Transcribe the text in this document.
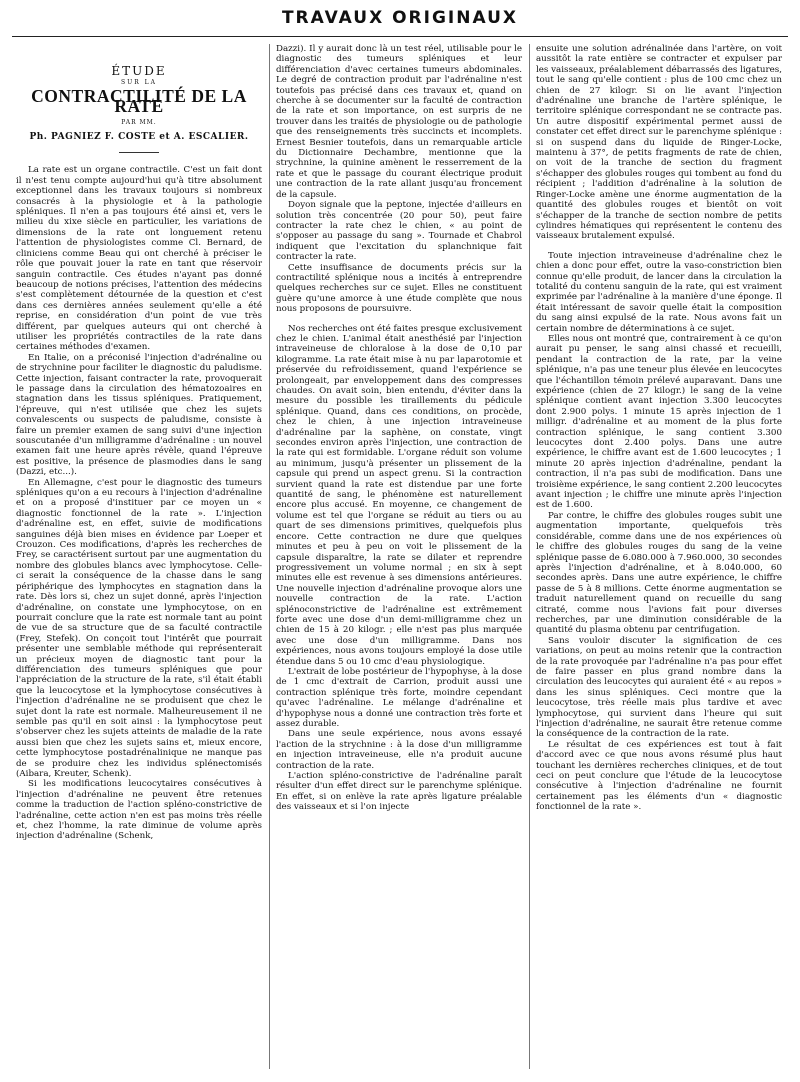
TRAVAUX ORIGINAUX
ÉTUDE
SUR LA
CONTRACTILITÉ DE LA RATE
PAR MM.
Ph. PAGNIEZ F. COSTE et A. ESCALIER.

La rate est un organe contractile. C'est un fait dont il n'est tenu compte aujourd'hui qu'à titre absolument exceptionnel dans les travaux toujours si nombreux consacrés à la physiologie et à la pathologie spléniques. Il n'en a pas toujours été ainsi et, vers le milieu du xixe siècle en particulier, les variations de dimensions de la rate ont longuement retenu l'attention de physiologistes comme Cl. Bernard, de cliniciens comme Beau qui ont cherché à préciser le rôle que pouvait jouer la rate en tant que réservoir sanguin contractile. Ces études n'ayant pas donné beaucoup de notions précises, l'attention des médecins s'est complètement détournée de la question et c'est dans ces dernières années seulement qu'elle a été reprise, en considération d'un point de vue très différent, par quelques auteurs qui ont cherché à utiliser les propriétés contractiles de la rate dans certaines méthodes d'examen.

En Italie, on a préconisé l'injection d'adrénaline ou de strychnine pour faciliter le diagnostic du paludisme. Cette injection, faisant contracter la rate, provoquerait le passage dans la circulation des hématozoaires en stagnation dans les tissus spléniques. Pratiquement, l'épreuve, qui n'est utilisée que chez les sujets convalescents ou suspects de paludisme, consiste à faire un premier examen de sang suivi d'une injection souscutanée d'un milligramme d'adrénaline : un nouvel examen fait une heure après révèle, quand l'épreuve est positive, la présence de plasmodies dans le sang (Dazzi, etc...).

En Allemagne, c'est pour le diagnostic des tumeurs spléniques qu'on a eu recours à l'injection d'adrénaline et on a proposé d'instituer par ce moyen un « diagnostic fonctionnel de la rate ». L'injection d'adrénaline est, en effet, suivie de modifications sanguines déjà bien mises en évidence par Loeper et Crouzon. Ces modifications, d'après les recherches de Frey, se caractérisent surtout par une augmentation du nombre des globules blancs avec lymphocytose. Celle-ci serait la conséquence de la chasse dans le sang périphérique des lymphocytes en stagnation dans la rate. Dès lors si, chez un sujet donné, après l'injection d'adrénaline, on constate une lymphocytose, on en pourrait conclure que la rate est normale tant au point de vue de sa structure que de sa faculté contractile (Frey, Stefek). On conçoit tout l'intérêt que pourrait présenter une semblable méthode qui représenterait un précieux moyen de diagnostic tant pour la différenciation des tumeurs spléniques que pour l'appréciation de la structure de la rate, s'il était établi que la leucocytose et la lymphocytose consécutives à l'injection d'adrénaline ne se produisent que chez le sujet dont la rate est normale. Malheureusement il ne semble pas qu'il en soit ainsi : la lymphocytose peut s'observer chez les sujets atteints de maladie de la rate aussi bien que chez les sujets sains et, mieux encore, cette lymphocytose postadrénalinique ne manque pas de se produire chez les individus splénectomisés (Aibara, Kreuter, Schenk).

Si les modifications leucocytaires consécutives à l'injection d'adrénaline ne peuvent être retenues comme la traduction de l'action spléno-constrictive de l'adrénaline, cette action n'en est pas moins très réelle et, chez l'homme, la rate diminue de volume après injection d'adrénaline (Schenk,

Dazzi). Il y aurait donc là un test réel, utilisable pour le diagnostic des tumeurs spléniques et leur différenciation d'avec certaines tumeurs abdominales. Le degré de contraction produit par l'adrénaline n'est toutefois pas précisé dans ces travaux et, quand on cherche à se documenter sur la faculté de contraction de la rate et son importance, on est surpris de ne trouver dans les traités de physiologie ou de pathologie que des renseignements très succincts et incomplets. Ernest Besnier toutefois, dans un remarquable article du Dictionnaire Dechambre, mentionne que la strychnine, la quinine amènent le resserrement de la rate et que le passage du courant électrique produit une contraction de la rate allant jusqu'au froncement de la capsule.

Doyon signale que la peptone, injectée d'ailleurs en solution très concentrée (20 pour 50), peut faire contracter la rate chez le chien, « au point de s'opposer au passage du sang ». Tournade et Chabrol indiquent que l'excitation du splanchnique fait contracter la rate.

Cette insuffisance de documents précis sur la contractilité splénique nous a incités à entreprendre quelques recherches sur ce sujet. Elles ne constituent guère qu'une amorce à une étude complète que nous nous proposons de poursuivre.

Nos recherches ont été faites presque exclusivement chez le chien. L'animal était anesthésié par l'injection intraveineuse de chloralose à la dose de 0,10 par kilogramme. La rate était mise à nu par laparotomie et préservée du refroidissement, quand l'expérience se prolongeait, par enveloppement dans des compresses chaudes. On avait soin, bien entendu, d'éviter dans la mesure du possible les tiraillements du pédicule splénique. Quand, dans ces conditions, on procède, chez le chien, à une injection intraveineuse d'adrénaline par la saphène, on constate, vingt secondes environ après l'injection, une contraction de la rate qui est formidable. L'organe réduit son volume au minimum, jusqu'à présenter un plissement de la capsule qui prend un aspect grenu. Si la contraction survient quand la rate est distendue par une forte quantité de sang, le phénomène est naturellement encore plus accusé. En moyenne, ce changement de volume est tel que l'organe se réduit au tiers ou au quart de ses dimensions primitives, quelquefois plus encore. Cette contraction ne dure que quelques minutes et peu à peu on voit le plissement de la capsule disparaître, la rate se dilater et reprendre progressivement un volume normal ; en six à sept minutes elle est revenue à ses dimensions antérieures. Une nouvelle injection d'adrénaline provoque alors une nouvelle contraction de la rate. L'action splénoconstrictive de l'adrénaline est extrêmement forte avec une dose d'un demi-milligramme chez un chien de 15 à 20 kilogr. ; elle n'est pas plus marquée avec une dose d'un milligramme. Dans nos expériences, nous avons toujours employé la dose utile étendue dans 5 ou 10 cmc d'eau physiologique.

L'extrait de lobe postérieur de l'hypophyse, à la dose de 1 cmc d'extrait de Carrion, produit aussi une contraction splénique très forte, moindre cependant qu'avec l'adrénaline. Le mélange d'adrénaline et d'hypophyse nous a donné une contraction très forte et assez durable.

Dans une seule expérience, nous avons essayé l'action de la strychnine : à la dose d'un milligramme en injection intraveineuse, elle n'a produit aucune contraction de la rate.

L'action spléno-constrictive de l'adrénaline paraît résulter d'un effet direct sur le parenchyme splénique. En effet, si on enlève la rate après ligature préalable des vaisseaux et si l'on injecte

ensuite une solution adrénalinée dans l'artère, on voit aussitôt la rate entière se contracter et expulser par les vaisseaux, préalablement débarrassés des ligatures, tout le sang qu'elle contient : plus de 100 cmc chez un chien de 27 kilogr. Si on lie avant l'injection d'adrénaline une branche de l'artère splénique, le territoire splénique correspondant ne se contracte pas. Un autre dispositif expérimental permet aussi de constater cet effet direct sur le parenchyme splénique : si on suspend dans du liquide de Ringer-Locke, maintenu à 37°, de petits fragments de rate de chien, on voit de la tranche de section du fragment s'échapper des globules rouges qui tombent au fond du récipient ; l'addition d'adrénaline à la solution de Ringer-Locke amène une énorme augmentation de la quantité des globules rouges et bientôt on voit s'échapper de la tranche de section nombre de petits cylindres hématiques qui représentent le contenu des vaisseaux brutalement expulsé.

Toute injection intraveineuse d'adrénaline chez le chien a donc pour effet, outre la vaso-constriction bien connue qu'elle produit, de lancer dans la circulation la totalité du contenu sanguin de la rate, qui est vraiment exprimée par l'adrénaline à la manière d'une éponge. Il était intéressant de savoir quelle était la composition du sang ainsi expulsé de la rate. Nous avons fait un certain nombre de déterminations à ce sujet.

Elles nous ont montré que, contrairement à ce qu'on aurait pu penser, le sang ainsi chassé et recueilli, pendant la contraction de la rate, par la veine splénique, n'a pas une teneur plus élevée en leucocytes que l'échantillon témoin prélevé auparavant. Dans une expérience (chien de 27 kilogr.) le sang de la veine splénique contient avant injection 3.300 leucocytes dont 2.900 polys. 1 minute 15 après injection de 1 milligr. d'adrénaline et au moment de la plus forte contraction splénique, le sang contient 3.300 leucocytes dont 2.400 polys. Dans une autre expérience, le chiffre avant est de 1.600 leucocytes ; 1 minute 20 après injection d'adrénaline, pendant la contraction, il n'a pas subi de modification. Dans une troisième expérience, le sang contient 2.200 leucocytes avant injection ; le chiffre une minute après l'injection est de 1.600.

Par contre, le chiffre des globules rouges subit une augmentation importante, quelquefois très considérable, comme dans une de nos expériences où le chiffre des globules rouges du sang de la veine splénique passe de 6.080.000 à 7.960.000, 30 secondes après l'injection d'adrénaline, et à 8.040.000, 60 secondes après. Dans une autre expérience, le chiffre passe de 5 à 8 millions. Cette énorme augmentation se traduit naturellement quand on recueille du sang citraté, comme nous l'avions fait pour diverses recherches, par une diminution considérable de la quantité du plasma obtenu par centrifugation.

Sans vouloir discuter la signification de ces variations, on peut au moins retenir que la contraction de la rate provoquée par l'adrénaline n'a pas pour effet de faire passer en plus grand nombre dans la circulation des leucocytes qui auraient été « au repos » dans les sinus spléniques. Ceci montre que la leucocytose, très réelle mais plus tardive et avec lymphocytose, qui survient dans l'heure qui suit l'injection d'adrénaline, ne saurait être retenue comme la conséquence de la contraction de la rate.

Le résultat de ces expériences est tout à fait d'accord avec ce que nous avons résumé plus haut touchant les dernières recherches cliniques, et de tout ceci on peut conclure que l'étude de la leucocytose consécutive à l'injection d'adrénaline ne fournit certainement pas les éléments d'un « diagnostic fonctionnel de la rate ».
